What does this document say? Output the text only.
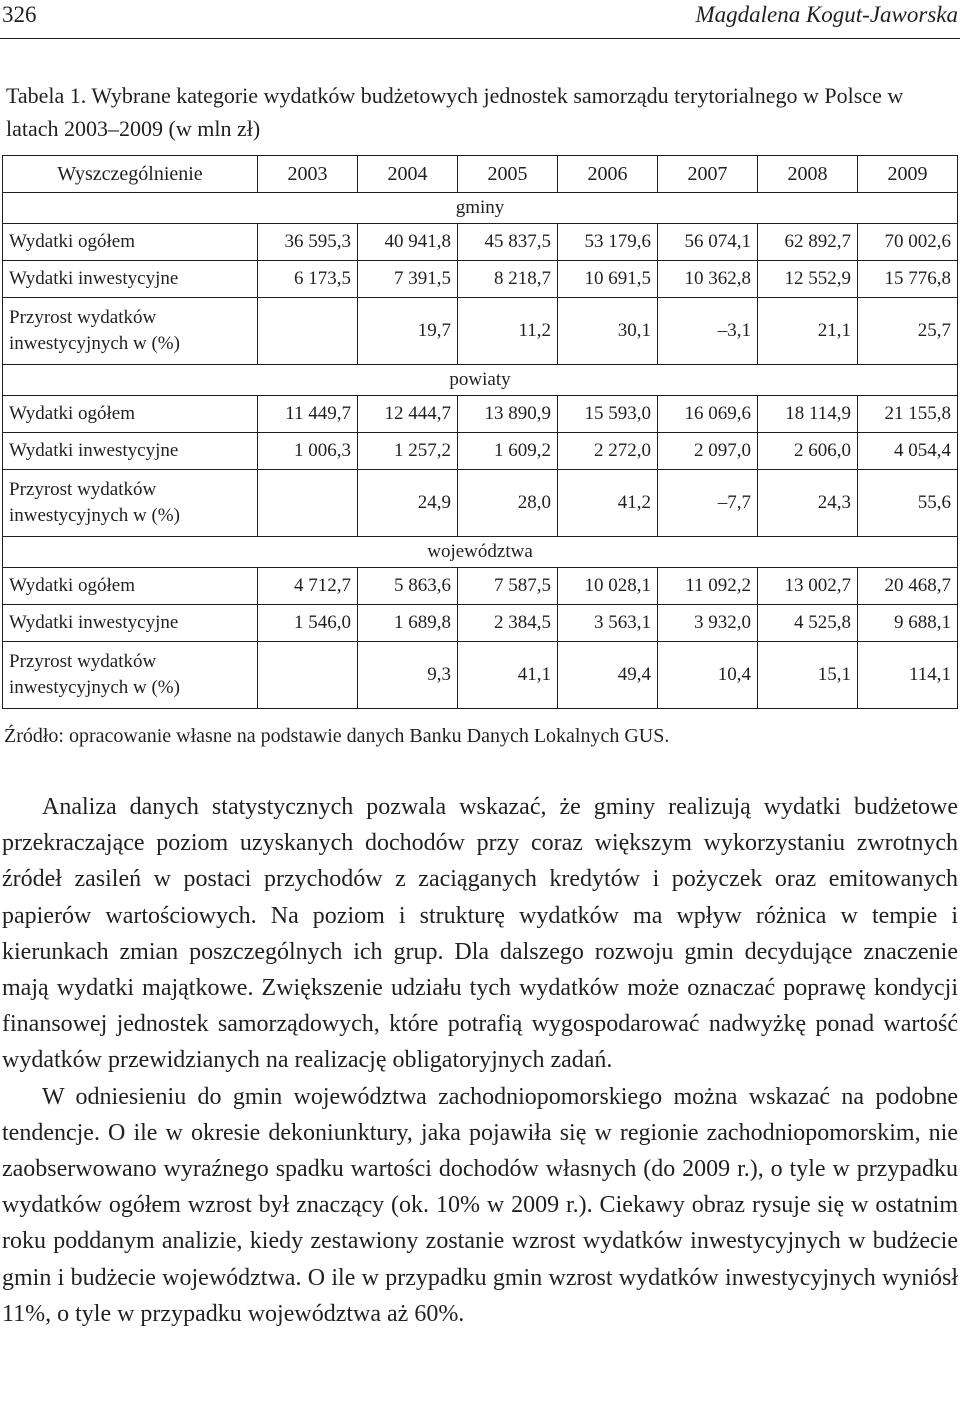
326	Magdalena Kogut-Jaworska
Tabela 1. Wybrane kategorie wydatków budżetowych jednostek samorządu terytorialnego w Polsce w latach 2003–2009 (w mln zł)
Wyszczególnienie	2003	2004	2005	2006	2007	2008	2009
gminy							
Wydatki ogółem	36 595,3	40 941,8	45 837,5	53 179,6	56 074,1	62 892,7	70 002,6
Wydatki inwestycyjne	6 173,5	7 391,5	8 218,7	10 691,5	10 362,8	12 552,9	15 776,8
Przyrost wydatków inwestycyjnych w (%)		19,7	11,2	30,1	–3,1	21,1	25,7
powiaty							
Wydatki ogółem	11 449,7	12 444,7	13 890,9	15 593,0	16 069,6	18 114,9	21 155,8
Wydatki inwestycyjne	1 006,3	1 257,2	1 609,2	2 272,0	2 097,0	2 606,0	4 054,4
Przyrost wydatków inwestycyjnych w (%)		24,9	28,0	41,2	–7,7	24,3	55,6
województwa							
Wydatki ogółem	4 712,7	5 863,6	7 587,5	10 028,1	11 092,2	13 002,7	20 468,7
Wydatki inwestycyjne	1 546,0	1 689,8	2 384,5	3 563,1	3 932,0	4 525,8	9 688,1
Przyrost wydatków inwestycyjnych w (%)		9,3	41,1	49,4	10,4	15,1	114,1
Źródło: opracowanie własne na podstawie danych Banku Danych Lokalnych GUS.

Analiza danych statystycznych pozwala wskazać, że gminy realizują wydatki budżetowe przekraczające poziom uzyskanych dochodów przy coraz większym wykorzystaniu zwrotnych źródeł zasileń w postaci przychodów z zaciąganych kredytów i pożyczek oraz emitowanych papierów wartościowych. Na poziom i strukturę wydatków ma wpływ różnica w tempie i kierunkach zmian poszczególnych ich grup. Dla dalszego rozwoju gmin decydujące znaczenie mają wydatki majątkowe. Zwiększenie udziału tych wydatków może oznaczać poprawę kondycji finansowej jednostek samorządowych, które potrafią wygospodarować nadwyżkę ponad wartość wydatków przewidzianych na realizację obligatoryjnych zadań.

W odniesieniu do gmin województwa zachodniopomorskiego można wskazać na podobne tendencje. O ile w okresie dekoniunktury, jaka pojawiła się w regionie zachodniopomorskim, nie zaobserwowano wyraźnego spadku wartości dochodów własnych (do 2009 r.), o tyle w przypadku wydatków ogółem wzrost był znaczący (ok. 10% w 2009 r.). Ciekawy obraz rysuje się w ostatnim roku poddanym analizie, kiedy zestawiony zostanie wzrost wydatków inwestycyjnych w budżecie gmin i budżecie województwa. O ile w przypadku gmin wzrost wydatków inwestycyjnych wyniósł 11%, o tyle w przypadku województwa aż 60%.
